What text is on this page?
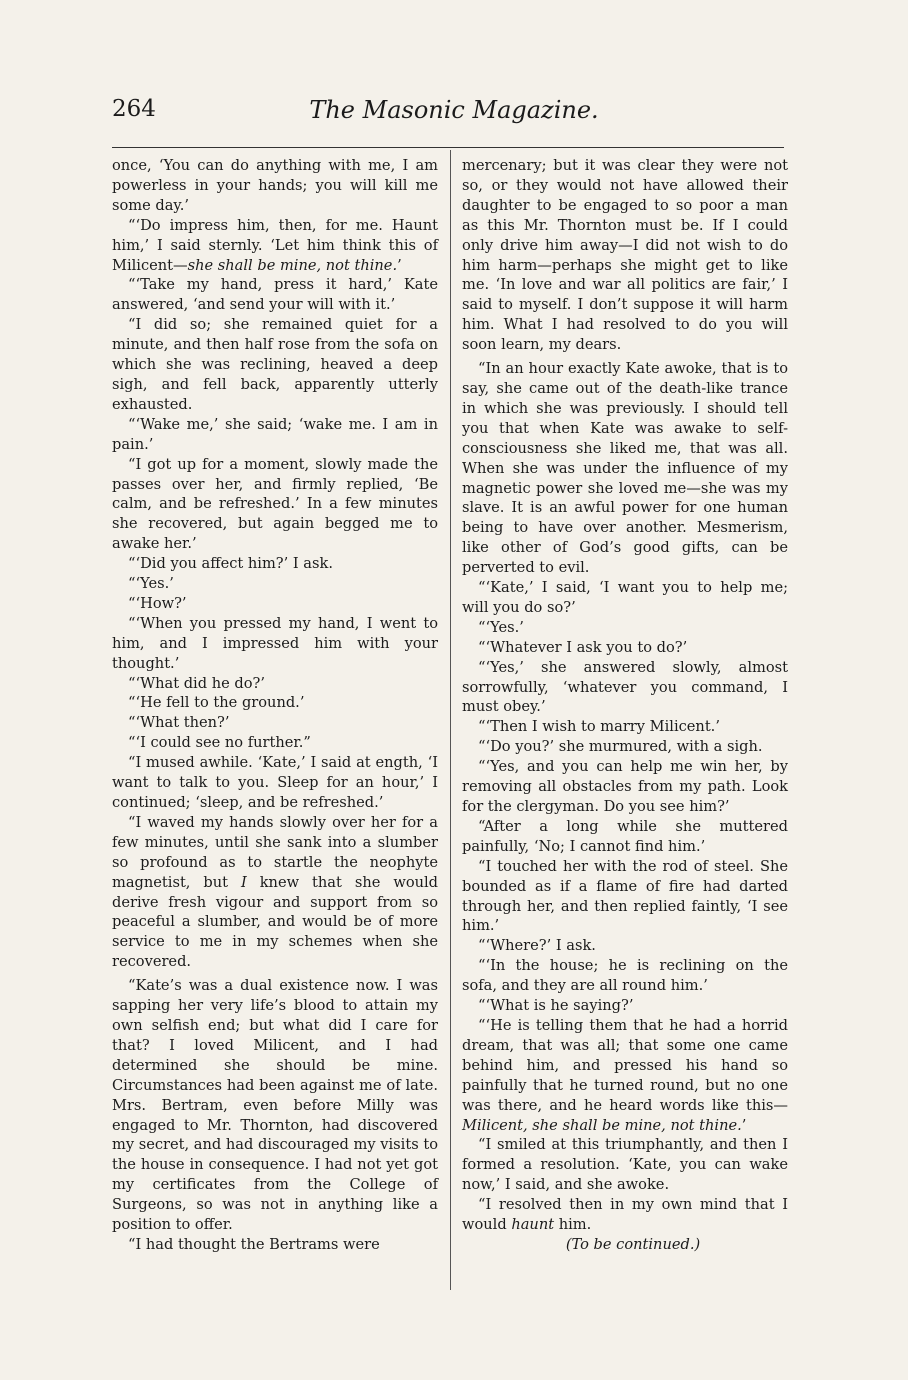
264	The Masonic Magazine.

once, ‘You can do anything with me, I am powerless in your hands; you will kill me some day.’

“‘Do impress him, then, for me. Haunt him,’ I said sternly. ‘Let him think this of Milicent—she shall be mine, not thine.’

“‘Take my hand, press it hard,’ Kate answered, ‘and send your will with it.’

“I did so; she remained quiet for a minute, and then half rose from the sofa on which she was reclining, heaved a deep sigh, and fell back, apparently utterly exhausted.

“‘Wake me,’ she said; ‘wake me. I am in pain.’

“I got up for a moment, slowly made the passes over her, and firmly replied, ‘Be calm, and be refreshed.’ In a few minutes she recovered, but again begged me to awake her.’

“‘Did you affect him?’ I ask.

“‘Yes.’

“‘How?’

“‘When you pressed my hand, I went to him, and I impressed him with your thought.’

“‘What did he do?’

“‘He fell to the ground.’

“‘What then?’

“‘I could see no further.”

“I mused awhile. ‘Kate,’ I said at ength, ‘I want to talk to you. Sleep for an hour,’ I continued; ‘sleep, and be refreshed.’

“I waved my hands slowly over her for a few minutes, until she sank into a slumber so profound as to startle the neophyte magnetist, but I knew that she would derive fresh vigour and support from so peaceful a slumber, and would be of more service to me in my schemes when she recovered.

“Kate’s was a dual existence now. I was sapping her very life’s blood to attain my own selfish end; but what did I care for that? I loved Milicent, and I had determined she should be mine. Circumstances had been against me of late. Mrs. Bertram, even before Milly was engaged to Mr. Thornton, had discovered my secret, and had discouraged my visits to the house in consequence. I had not yet got my certificates from the College of Surgeons, so was not in anything like a position to offer.

“I had thought the Bertrams were

mercenary; but it was clear they were not so, or they would not have allowed their daughter to be engaged to so poor a man as this Mr. Thornton must be. If I could only drive him away—I did not wish to do him harm—perhaps she might get to like me. ‘In love and war all politics are fair,’ I said to myself. I don’t suppose it will harm him. What I had resolved to do you will soon learn, my dears.

“In an hour exactly Kate awoke, that is to say, she came out of the death-like trance in which she was previously. I should tell you that when Kate was awake to self-consciousness she liked me, that was all. When she was under the influence of my magnetic power she loved me—she was my slave. It is an awful power for one human being to have over another. Mesmerism, like other of God’s good gifts, can be perverted to evil.

“‘Kate,’ I said, ‘I want you to help me; will you do so?’

“‘Yes.’

“‘Whatever I ask you to do?’

“‘Yes,’ she answered slowly, almost sorrowfully, ‘whatever you command, I must obey.’

“‘Then I wish to marry Milicent.’

“‘Do you?’ she murmured, with a sigh.

“‘Yes, and you can help me win her, by removing all obstacles from my path. Look for the clergyman. Do you see him?’

“After a long while she muttered painfully, ‘No; I cannot find him.’

“I touched her with the rod of steel. She bounded as if a flame of fire had darted through her, and then replied faintly, ‘I see him.’

“‘Where?’ I ask.

“‘In the house; he is reclining on the sofa, and they are all round him.’

“‘What is he saying?’

“‘He is telling them that he had a horrid dream, that was all; that some one came behind him, and pressed his hand so painfully that he turned round, but no one was there, and he heard words like this—Milicent, she shall be mine, not thine.’

“I smiled at this triumphantly, and then I formed a resolution. ‘Kate, you can wake now,’ I said, and she awoke.

“I resolved then in my own mind that I would haunt him.

(To be continued.)
